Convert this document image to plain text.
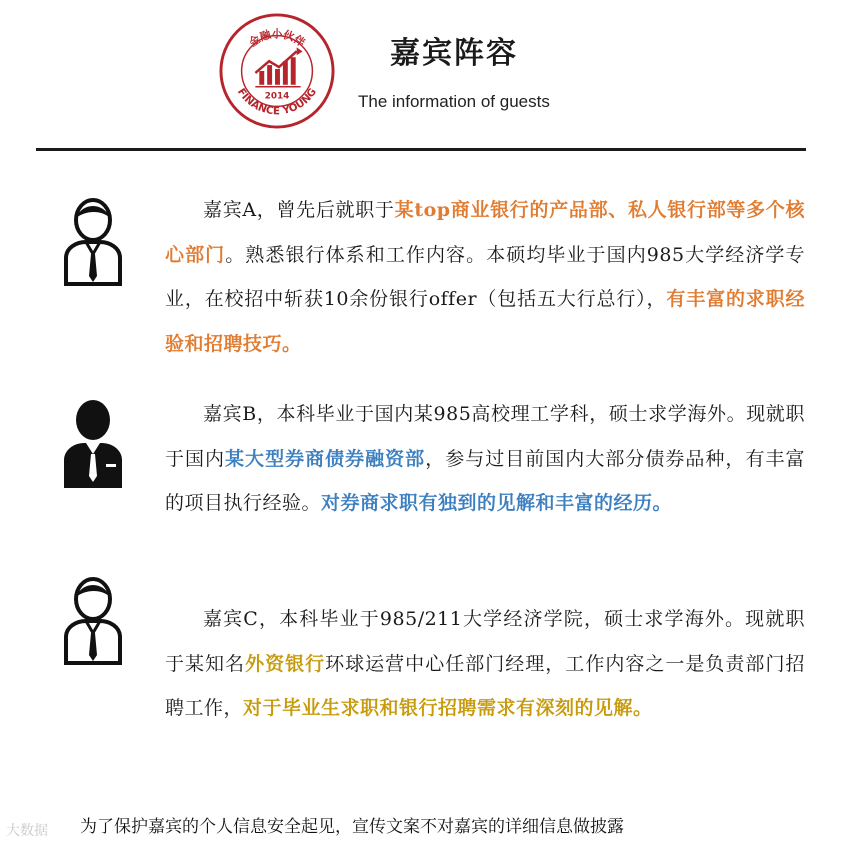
金融小伙伴
FINANCE YOUNG
2014
嘉宾阵容

The information of guests

嘉宾A，曾先后就职于某top商业银行的产品部、私人银行部等多个核心部门。熟悉银行体系和工作内容。本硕均毕业于国内985大学经济学专业，在校招中斩获10余份银行offer（包括五大行总行），有丰富的求职经验和招聘技巧。

嘉宾B，本科毕业于国内某985高校理工学科，硕士求学海外。现就职于国内某大型券商债券融资部，参与过目前国内大部分债券品种，有丰富的项目执行经验。对券商求职有独到的见解和丰富的经历。

嘉宾C，本科毕业于985/211大学经济学院，硕士求学海外。现就职于某知名外资银行环球运营中心任部门经理，工作内容之一是负责部门招聘工作，对于毕业生求职和银行招聘需求有深刻的见解。

为了保护嘉宾的个人信息安全起见，宣传文案不对嘉宾的详细信息做披露

大数据
